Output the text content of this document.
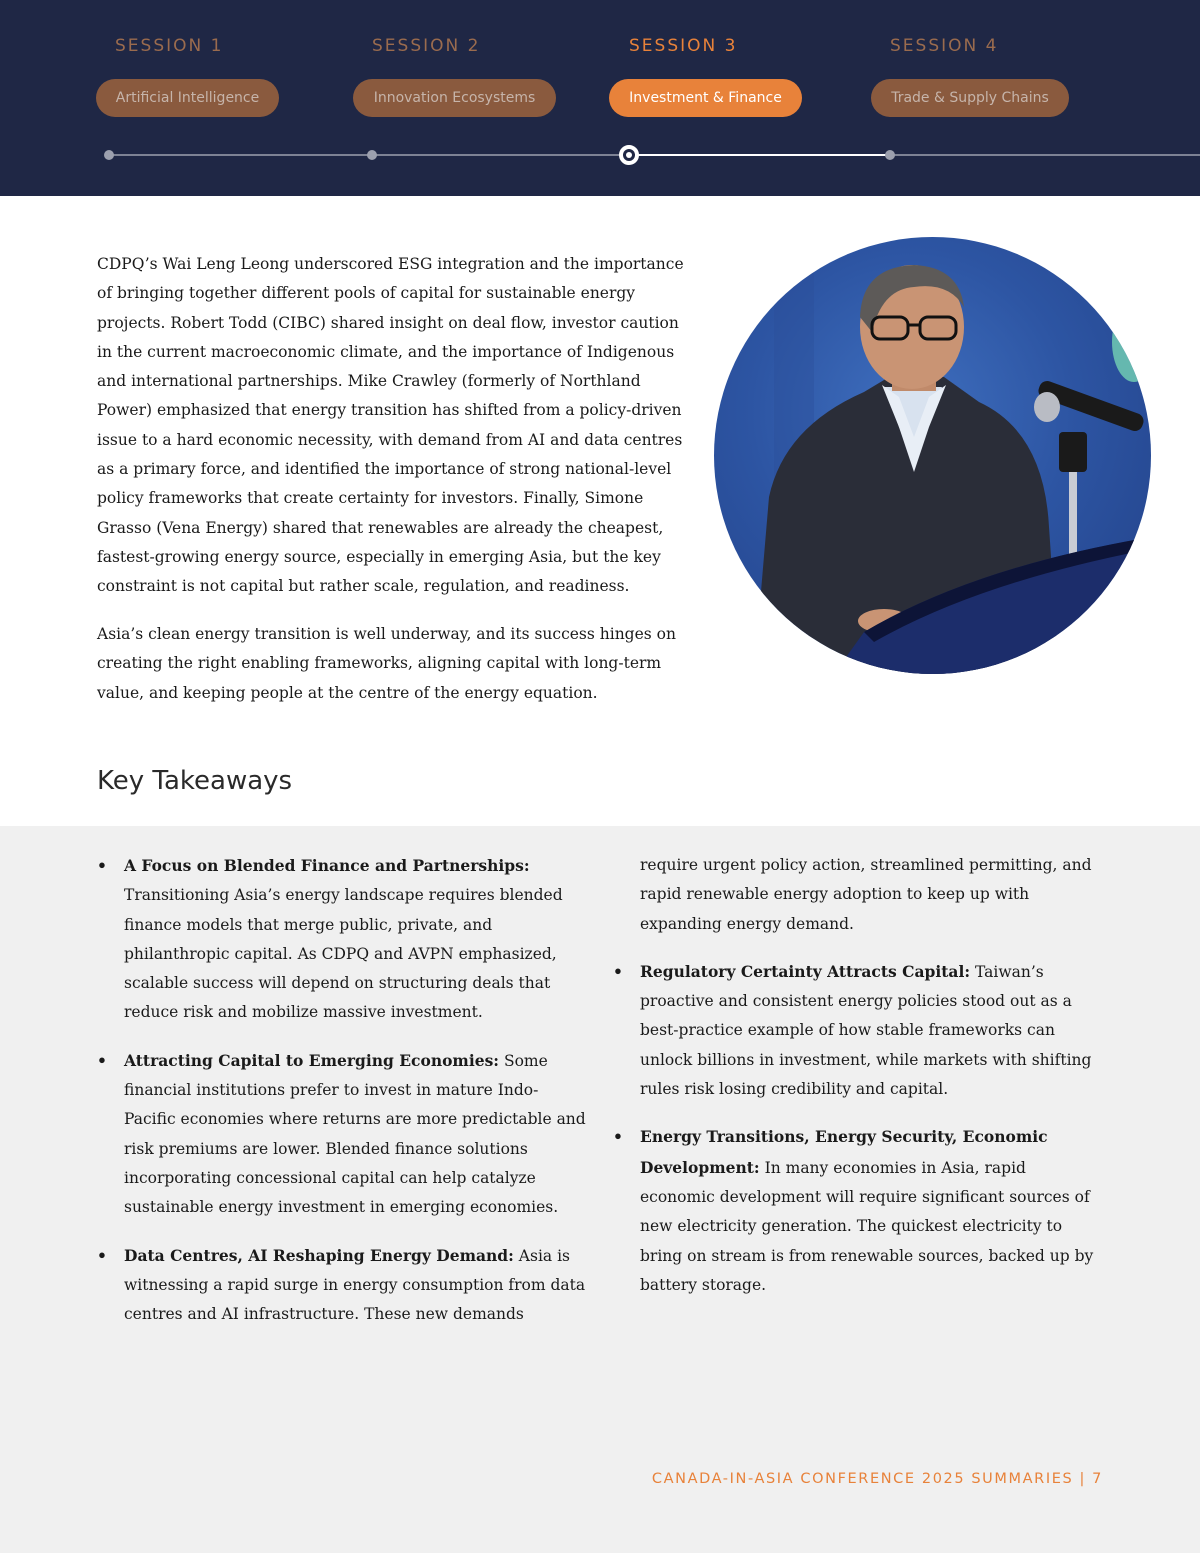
SESSION 1	SESSION 2	SESSION 3	SESSION 4
Artificial Intelligence	Innovation Ecosystems	Investment & Finance	Trade & Supply Chains

CDPQ’s Wai Leng Leong underscored ESG integration and the importance of bringing together different pools of capital for sustainable energy projects. Robert Todd (CIBC) shared insight on deal flow, investor caution in the current macroeconomic climate, and the importance of Indigenous and international partnerships. Mike Crawley (formerly of Northland Power) emphasized that energy transition has shifted from a policy-driven issue to a hard economic necessity, with demand from AI and data centres as a primary force, and identified the importance of strong national-level policy frameworks that create certainty for investors. Finally, Simone Grasso (Vena Energy) shared that renewables are already the cheapest, fastest-growing energy source, especially in emerging Asia, but the key constraint is not capital but rather scale, regulation, and readiness.

Asia’s clean energy transition is well underway, and its success hinges on creating the right enabling frameworks, aligning capital with long-term value, and keeping people at the centre of the energy equation.

Key Takeaways
• A Focus on Blended Finance and Partnerships: Transitioning Asia’s energy landscape requires blended finance models that merge public, private, and philanthropic capital. As CDPQ and AVPN emphasized, scalable success will depend on structuring deals that reduce risk and mobilize massive investment.
• Attracting Capital to Emerging Economies: Some financial institutions prefer to invest in mature Indo-Pacific economies where returns are more predictable and risk premiums are lower. Blended finance solutions incorporating concessional capital can help catalyze sustainable energy investment in emerging economies.
• Data Centres, AI Reshaping Energy Demand: Asia is witnessing a rapid surge in energy consumption from data centres and AI infrastructure. These new demands

require urgent policy action, streamlined permitting, and rapid renewable energy adoption to keep up with expanding energy demand.

• Regulatory Certainty Attracts Capital: Taiwan’s proactive and consistent energy policies stood out as a best-practice example of how stable frameworks can unlock billions in investment, while markets with shifting rules risk losing credibility and capital.
• Energy Transitions, Energy Security, Economic Development: In many economies in Asia, rapid economic development will require significant sources of new electricity generation. The quickest electricity to bring on stream is from renewable sources, backed up by battery storage.
CANADA-IN-ASIA CONFERENCE 2025 SUMMARIES | 7
